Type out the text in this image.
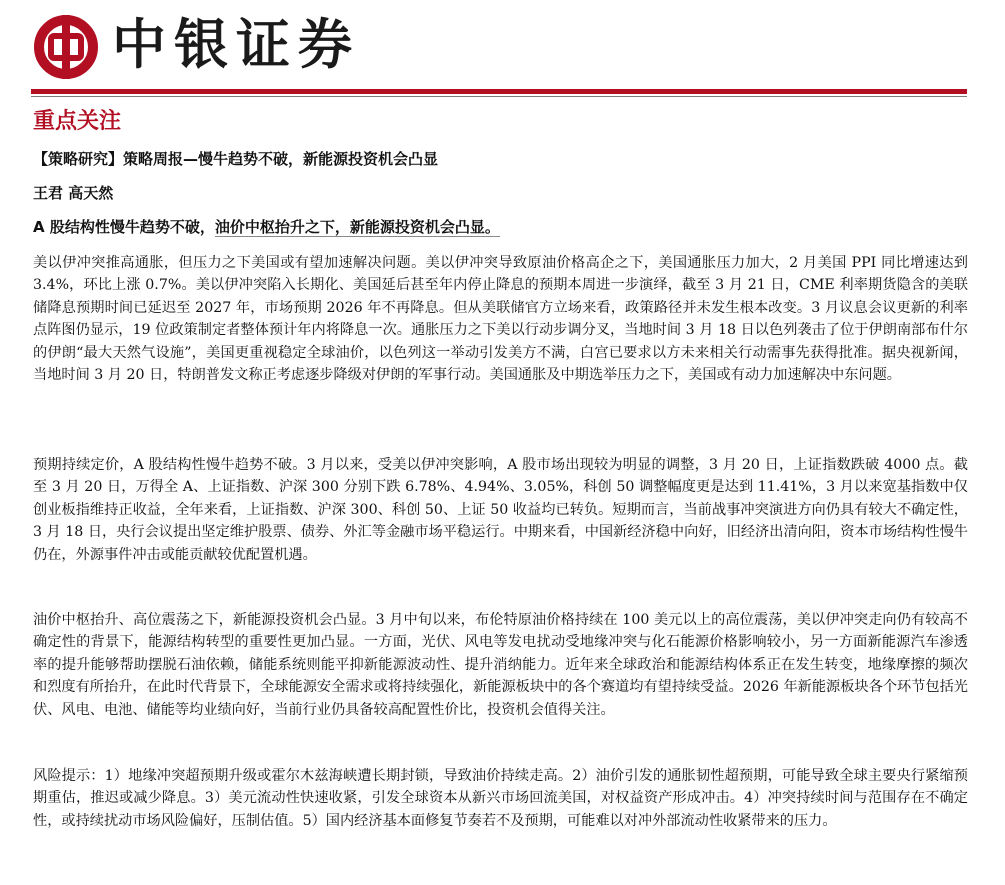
中银证券
重点关注
【策略研究】策略周报—慢牛趋势不破，新能源投资机会凸显
王君 高天然
A 股结构性慢牛趋势不破，油价中枢抬升之下，新能源投资机会凸显。

美以伊冲突推高通胀，但压力之下美国或有望加速解决问题。美以伊冲突导致原油价格高企之下，美国通胀压力加大，2 月美国 PPI 同比增速达到 3.4%，环比上涨 0.7%。美以伊冲突陷入长期化、美国延后甚至年内停止降息的预期本周进一步演绎，截至 3 月 21 日，CME 利率期货隐含的美联储降息预期时间已延迟至 2027 年，市场预期 2026 年不再降息。但从美联储官方立场来看，政策路径并未发生根本改变。3 月议息会议更新的利率点阵图仍显示，19 位政策制定者整体预计年内将降息一次。通胀压力之下美以行动步调分叉，当地时间 3 月 18 日以色列袭击了位于伊朗南部布什尔的伊朗“最大天然气设施”，美国更重视稳定全球油价，以色列这一举动引发美方不满，白宫已要求以方未来相关行动需事先获得批准。据央视新闻，当地时间 3 月 20 日，特朗普发文称正考虑逐步降级对伊朗的军事行动。美国通胀及中期选举压力之下，美国或有动力加速解决中东问题。

预期持续定价，A 股结构性慢牛趋势不破。3 月以来，受美以伊冲突影响，A 股市场出现较为明显的调整，3 月 20 日，上证指数跌破 4000 点。截至 3 月 20 日，万得全 A、上证指数、沪深 300 分别下跌 6.78%、4.94%、3.05%，科创 50 调整幅度更是达到 11.41%，3 月以来宽基指数中仅创业板指维持正收益，全年来看，上证指数、沪深 300、科创 50、上证 50 收益均已转负。短期而言，当前战事冲突演进方向仍具有较大不确定性，3 月 18 日，央行会议提出坚定维护股票、债券、外汇等金融市场平稳运行。中期来看，中国新经济稳中向好，旧经济出清向阳，资本市场结构性慢牛仍在，外源事件冲击或能贡献较优配置机遇。

油价中枢抬升、高位震荡之下，新能源投资机会凸显。3 月中旬以来，布伦特原油价格持续在 100 美元以上的高位震荡，美以伊冲突走向仍有较高不确定性的背景下，能源结构转型的重要性更加凸显。一方面，光伏、风电等发电扰动受地缘冲突与化石能源价格影响较小，另一方面新能源汽车渗透率的提升能够帮助摆脱石油依赖，储能系统则能平抑新能源波动性、提升消纳能力。近年来全球政治和能源结构体系正在发生转变，地缘摩擦的频次和烈度有所抬升，在此时代背景下，全球能源安全需求或将持续强化，新能源板块中的各个赛道均有望持续受益。2026 年新能源板块各个环节包括光伏、风电、电池、储能等均业绩向好，当前行业仍具备较高配置性价比，投资机会值得关注。

风险提示：1）地缘冲突超预期升级或霍尔木兹海峡遭长期封锁，导致油价持续走高。2）油价引发的通胀韧性超预期，可能导致全球主要央行紧缩预期重估，推迟或减少降息。3）美元流动性快速收紧，引发全球资本从新兴市场回流美国，对权益资产形成冲击。4）冲突持续时间与范围存在不确定性，或持续扰动市场风险偏好，压制估值。5）国内经济基本面修复节奏若不及预期，可能难以对冲外部流动性收紧带来的压力。
